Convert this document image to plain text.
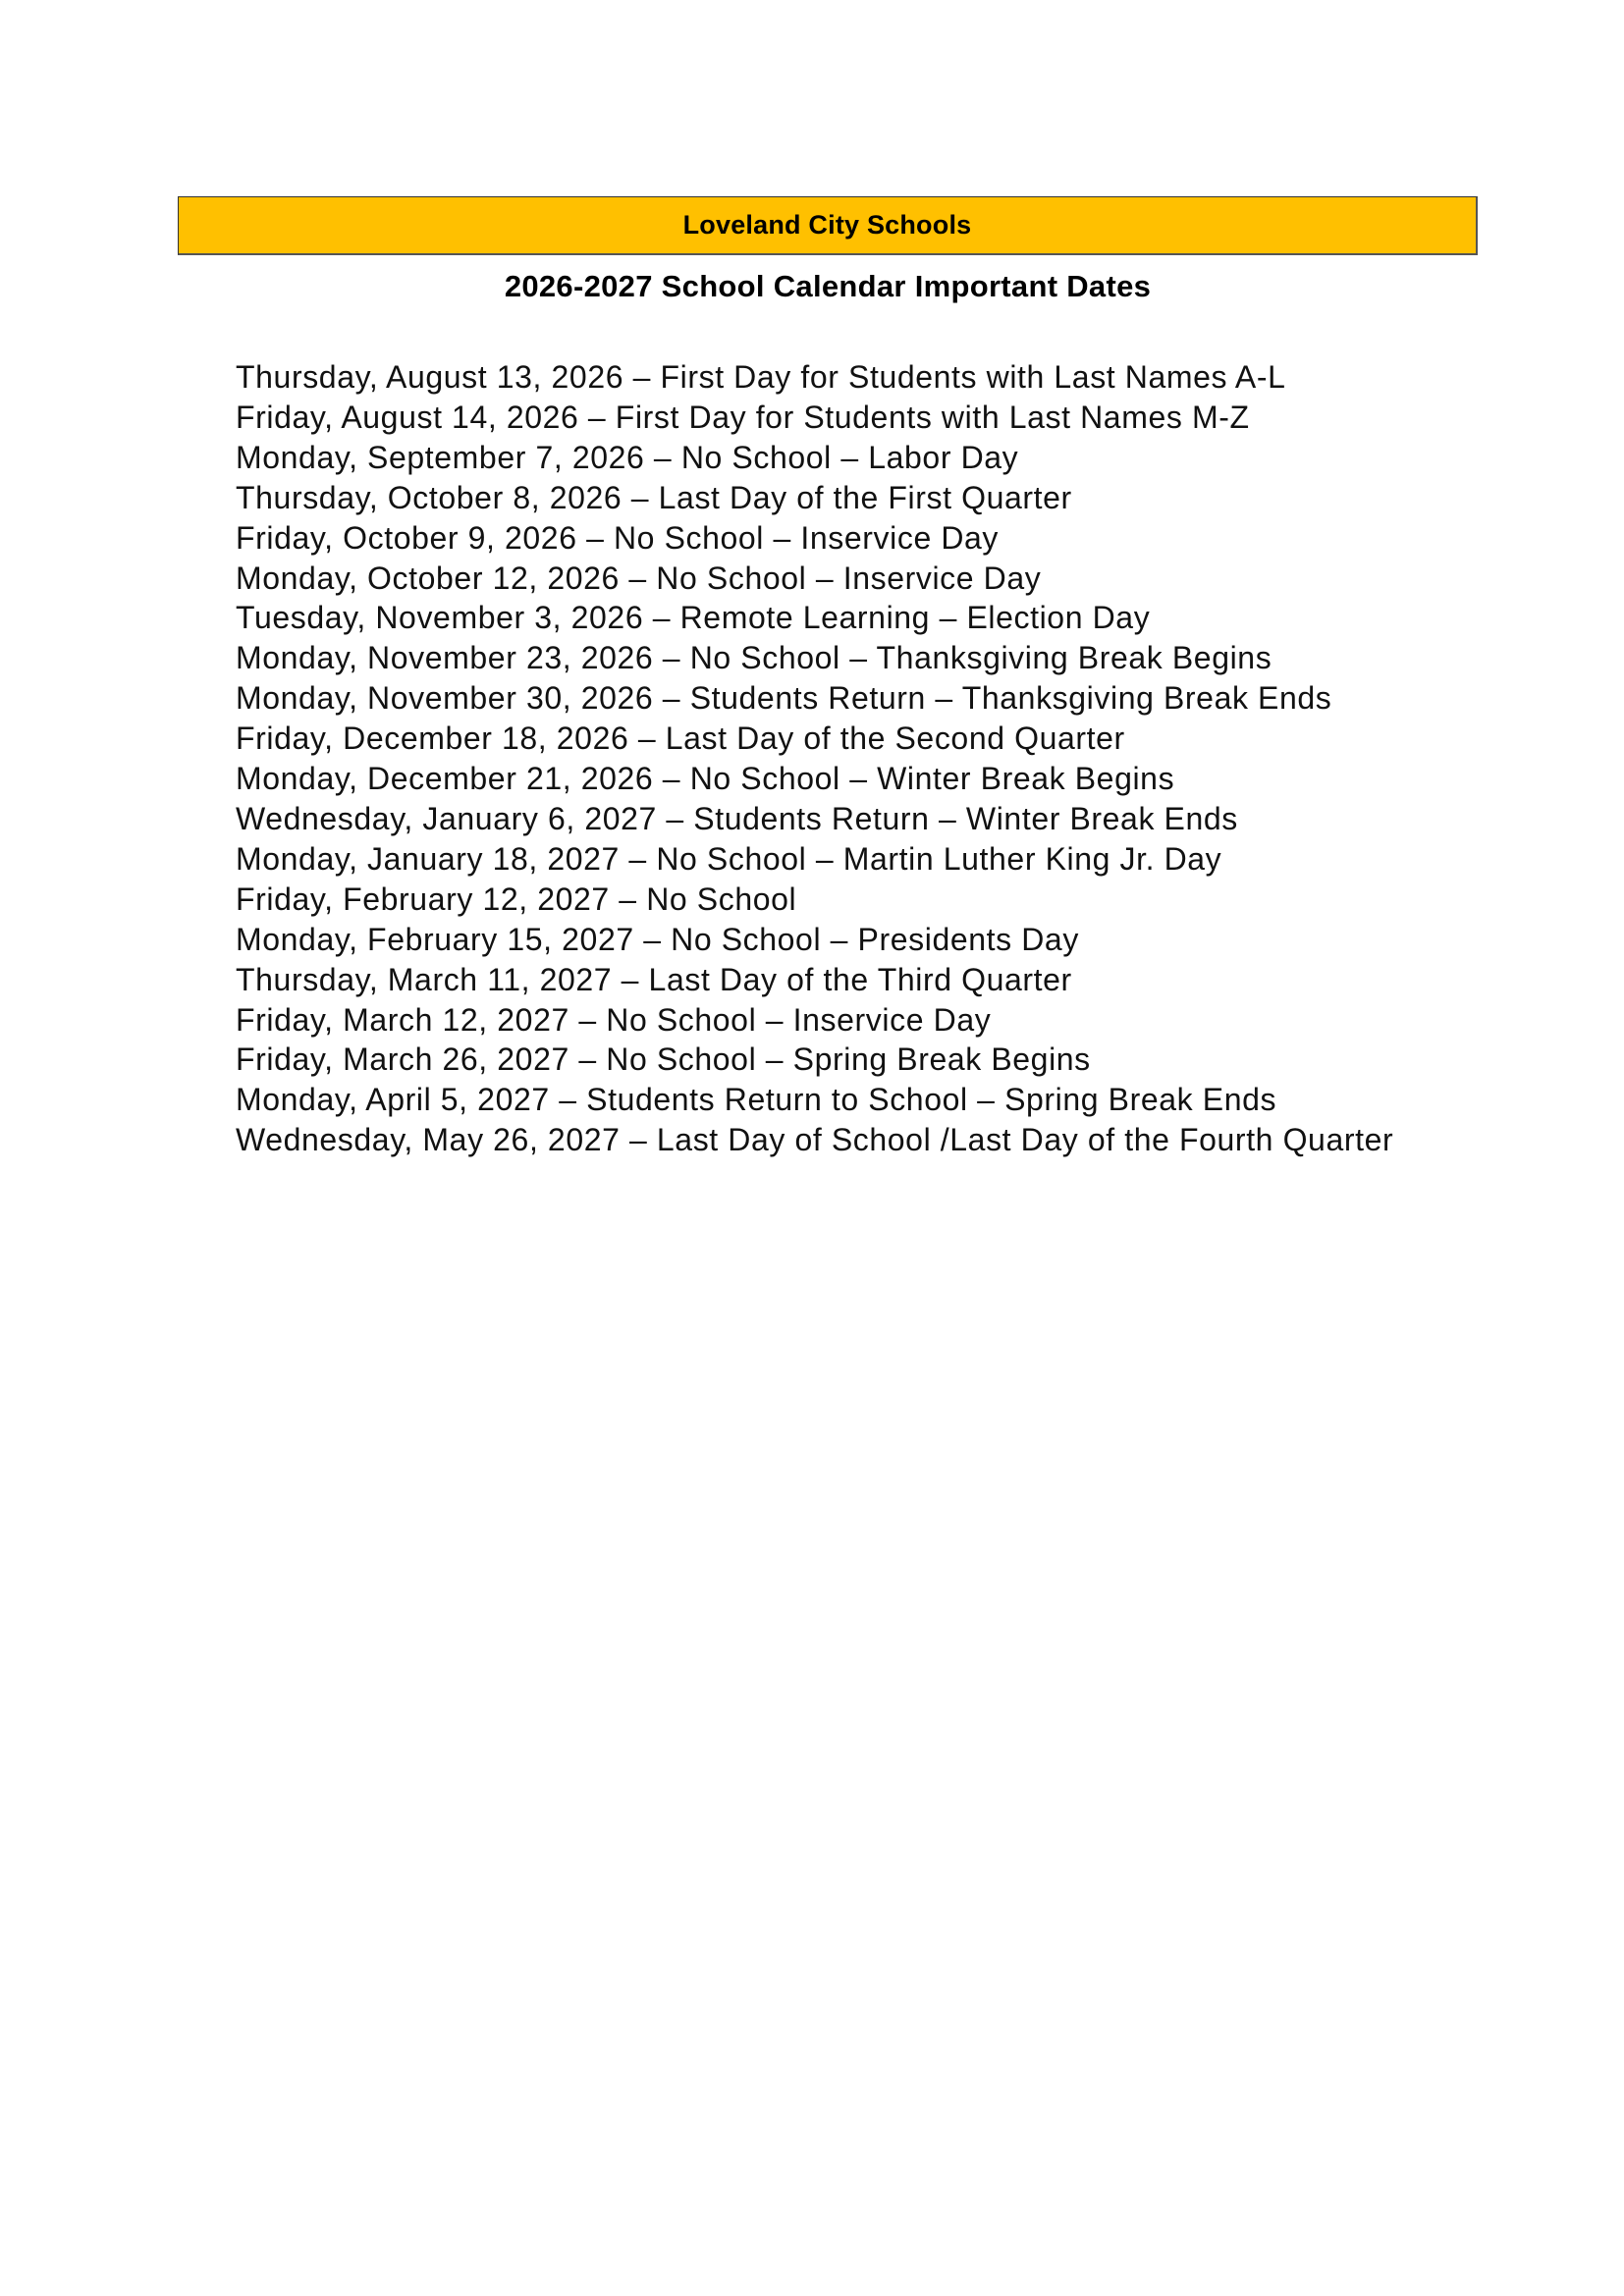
Loveland City Schools
2026-2027 School Calendar Important Dates
Thursday, August 13, 2026 – First Day for Students with Last Names A-L
Friday, August 14, 2026 – First Day for Students with Last Names M-Z
Monday, September 7, 2026 – No School – Labor Day
Thursday, October 8, 2026 – Last Day of the First Quarter
Friday, October 9, 2026 – No School – Inservice Day
Monday, October 12, 2026 – No School – Inservice Day
Tuesday, November 3, 2026 – Remote Learning – Election Day
Monday, November 23, 2026 – No School – Thanksgiving Break Begins
Monday, November 30, 2026 – Students Return – Thanksgiving Break Ends
Friday, December 18, 2026 – Last Day of the Second Quarter
Monday, December 21, 2026 – No School – Winter Break Begins
Wednesday, January 6, 2027 – Students Return – Winter Break Ends
Monday, January 18, 2027 – No School – Martin Luther King Jr. Day
Friday, February 12, 2027 – No School
Monday, February 15, 2027 – No School – Presidents Day
Thursday, March 11, 2027 – Last Day of the Third Quarter
Friday, March 12, 2027 – No School – Inservice Day
Friday, March 26, 2027 – No School – Spring Break Begins
Monday, April 5, 2027 – Students Return to School – Spring Break Ends
Wednesday, May 26, 2027 – Last Day of School /Last Day of the Fourth Quarter
